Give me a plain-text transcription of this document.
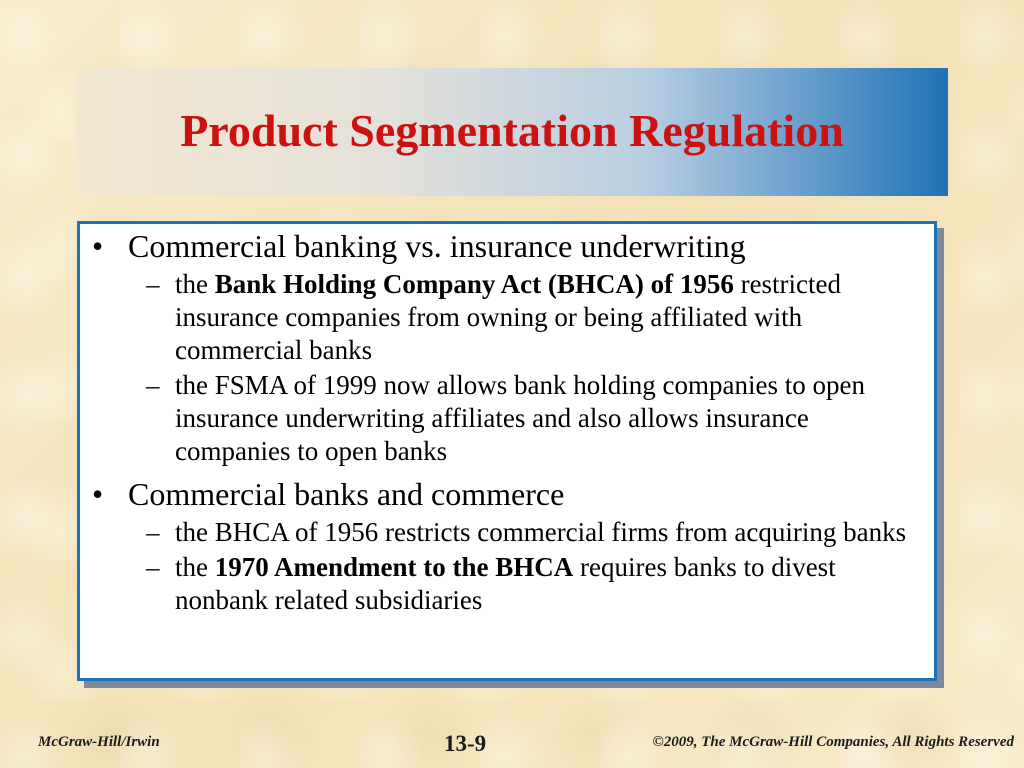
Product Segmentation Regulation
• Commercial banking vs. insurance underwriting
– the Bank Holding Company Act (BHCA) of 1956 restricted insurance companies from owning or being affiliated with commercial banks
– the FSMA of 1999 now allows bank holding companies to open insurance underwriting affiliates and also allows insurance companies to open banks
• Commercial banks and commerce
– the BHCA of 1956 restricts commercial firms from acquiring banks
– the 1970 Amendment to the BHCA requires banks to divest nonbank related subsidiaries
McGraw-Hill/Irwin	13-9	©2009, The McGraw-Hill Companies, All Rights Reserved
